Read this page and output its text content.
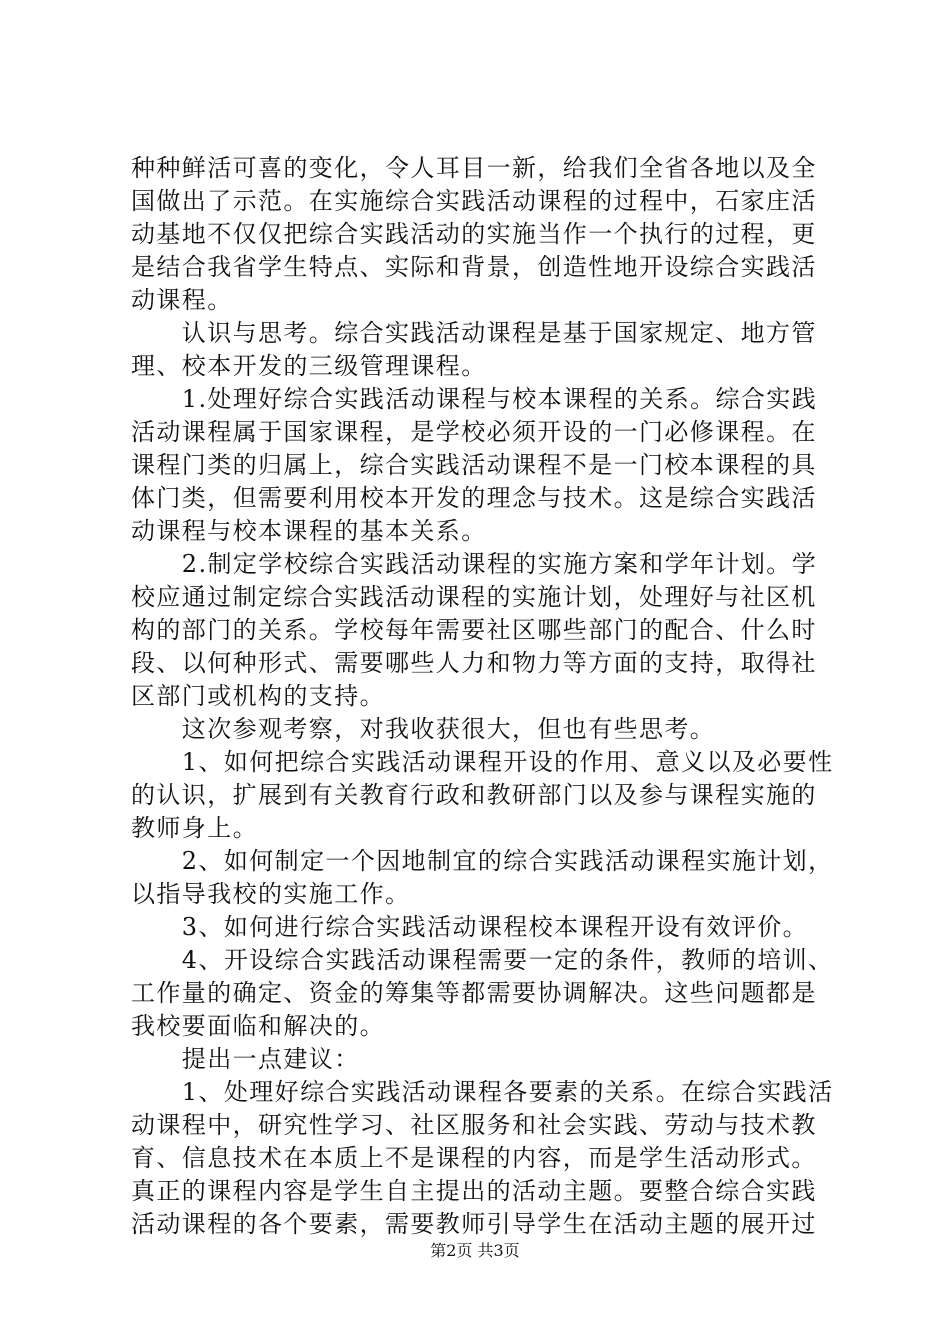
种种鲜活可喜的变化，令人耳目一新，给我们全省各地以及全
国做出了示范。在实施综合实践活动课程的过程中，石家庄活
动基地不仅仅把综合实践活动的实施当作一个执行的过程，更
是结合我省学生特点、实际和背景，创造性地开设综合实践活
动课程。
　　认识与思考。综合实践活动课程是基于国家规定、地方管
理、校本开发的三级管理课程。
　　1.处理好综合实践活动课程与校本课程的关系。综合实践
活动课程属于国家课程，是学校必须开设的一门必修课程。在
课程门类的归属上，综合实践活动课程不是一门校本课程的具
体门类，但需要利用校本开发的理念与技术。这是综合实践活
动课程与校本课程的基本关系。
　　2.制定学校综合实践活动课程的实施方案和学年计划。学
校应通过制定综合实践活动课程的实施计划，处理好与社区机
构的部门的关系。学校每年需要社区哪些部门的配合、什么时
段、以何种形式、需要哪些人力和物力等方面的支持，取得社
区部门或机构的支持。
　　这次参观考察，对我收获很大，但也有些思考。
　　1、如何把综合实践活动课程开设的作用、意义以及必要性
的认识，扩展到有关教育行政和教研部门以及参与课程实施的
教师身上。
　　2、如何制定一个因地制宜的综合实践活动课程实施计划，
以指导我校的实施工作。
　　3、如何进行综合实践活动课程校本课程开设有效评价。
　　4、开设综合实践活动课程需要一定的条件，教师的培训、
工作量的确定、资金的筹集等都需要协调解决。这些问题都是
我校要面临和解决的。
　　提出一点建议：
　　1、处理好综合实践活动课程各要素的关系。在综合实践活
动课程中，研究性学习、社区服务和社会实践、劳动与技术教
育、信息技术在本质上不是课程的内容，而是学生活动形式。
真正的课程内容是学生自主提出的活动主题。要整合综合实践
活动课程的各个要素，需要教师引导学生在活动主题的展开过
第2页 共3页
